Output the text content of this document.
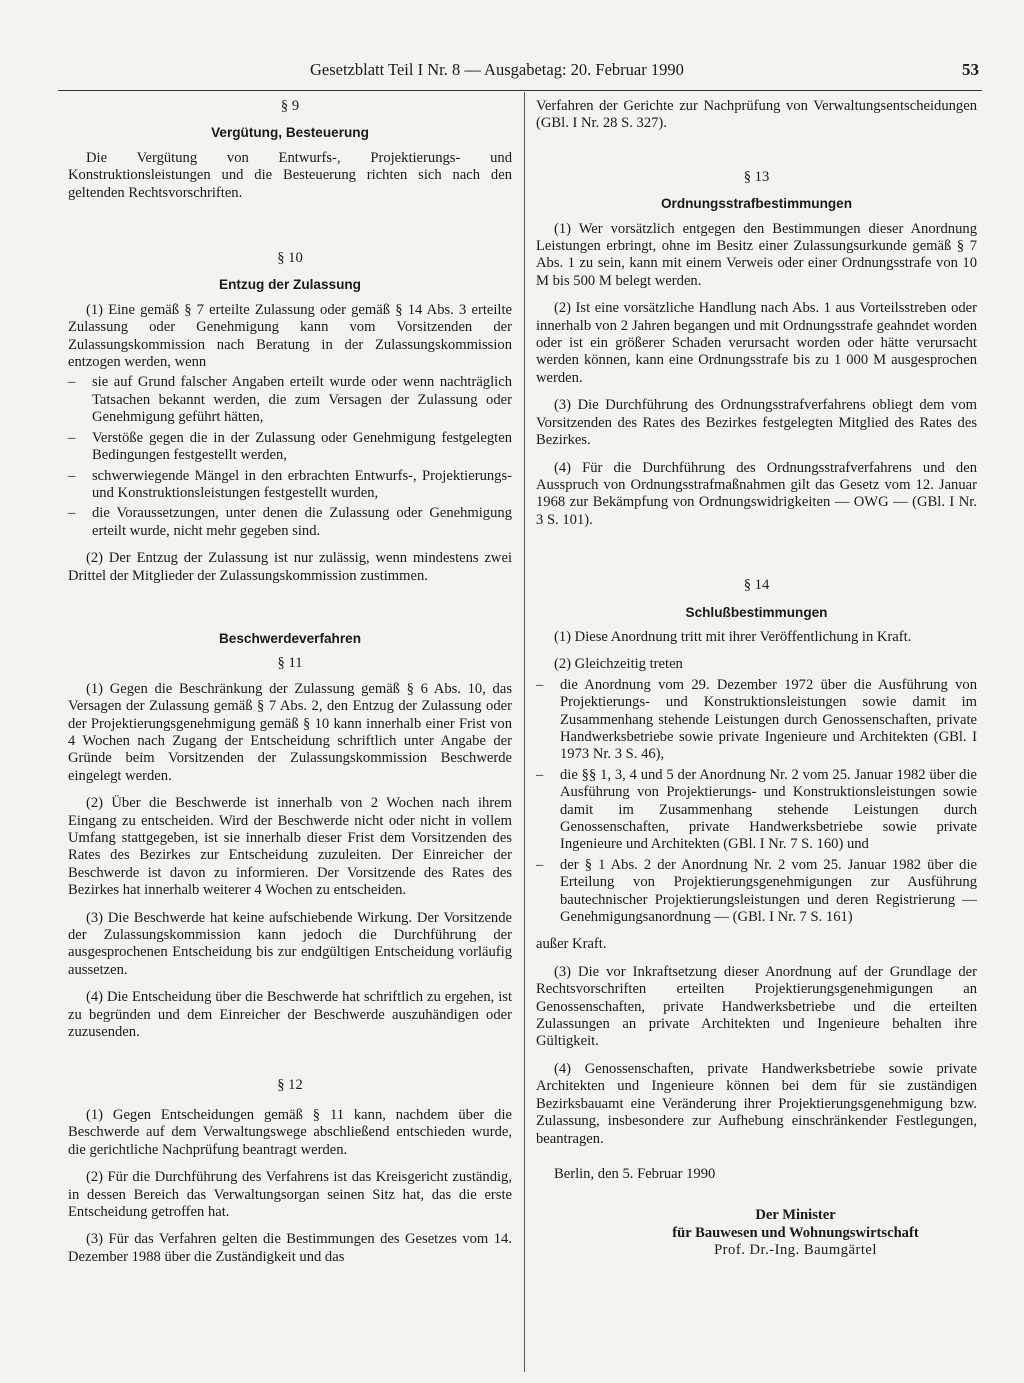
Gesetzblatt Teil I Nr. 8 — Ausgabetag: 20. Februar 1990	53

§ 9

Vergütung, Besteuerung

Die Vergütung von Entwurfs-, Projektierungs- und Konstruktionsleistungen und die Besteuerung richten sich nach den geltenden Rechtsvorschriften.

§ 10

Entzug der Zulassung

(1) Eine gemäß § 7 erteilte Zulassung oder gemäß § 14 Abs. 3 erteilte Zulassung oder Genehmigung kann vom Vorsitzenden der Zulassungskommission nach Beratung in der Zulassungskommission entzogen werden, wenn

– sie auf Grund falscher Angaben erteilt wurde oder wenn nachträglich Tatsachen bekannt werden, die zum Versagen der Zulassung oder Genehmigung geführt hätten,
– Verstöße gegen die in der Zulassung oder Genehmigung festgelegten Bedingungen festgestellt werden,
– schwerwiegende Mängel in den erbrachten Entwurfs-, Projektierungs- und Konstruktionsleistungen festgestellt wurden,
– die Voraussetzungen, unter denen die Zulassung oder Genehmigung erteilt wurde, nicht mehr gegeben sind.

(2) Der Entzug der Zulassung ist nur zulässig, wenn mindestens zwei Drittel der Mitglieder der Zulassungskommission zustimmen.

Beschwerdeverfahren

§ 11

(1) Gegen die Beschränkung der Zulassung gemäß § 6 Abs. 10, das Versagen der Zulassung gemäß § 7 Abs. 2, den Entzug der Zulassung oder der Projektierungsgenehmigung gemäß § 10 kann innerhalb einer Frist von 4 Wochen nach Zugang der Entscheidung schriftlich unter Angabe der Gründe beim Vorsitzenden der Zulassungskommission Beschwerde eingelegt werden.

(2) Über die Beschwerde ist innerhalb von 2 Wochen nach ihrem Eingang zu entscheiden. Wird der Beschwerde nicht oder nicht in vollem Umfang stattgegeben, ist sie innerhalb dieser Frist dem Vorsitzenden des Rates des Bezirkes zur Entscheidung zuzuleiten. Der Einreicher der Beschwerde ist davon zu informieren. Der Vorsitzende des Rates des Bezirkes hat innerhalb weiterer 4 Wochen zu entscheiden.

(3) Die Beschwerde hat keine aufschiebende Wirkung. Der Vorsitzende der Zulassungskommission kann jedoch die Durchführung der ausgesprochenen Entscheidung bis zur endgültigen Entscheidung vorläufig aussetzen.

(4) Die Entscheidung über die Beschwerde hat schriftlich zu ergehen, ist zu begründen und dem Einreicher der Beschwerde auszuhändigen oder zuzusenden.

§ 12

(1) Gegen Entscheidungen gemäß § 11 kann, nachdem über die Beschwerde auf dem Verwaltungswege abschließend entschieden wurde, die gerichtliche Nachprüfung beantragt werden.

(2) Für die Durchführung des Verfahrens ist das Kreisgericht zuständig, in dessen Bereich das Verwaltungsorgan seinen Sitz hat, das die erste Entscheidung getroffen hat.

(3) Für das Verfahren gelten die Bestimmungen des Gesetzes vom 14. Dezember 1988 über die Zuständigkeit und das

Verfahren der Gerichte zur Nachprüfung von Verwaltungsentscheidungen (GBl. I Nr. 28 S. 327).

§ 13

Ordnungsstrafbestimmungen

(1) Wer vorsätzlich entgegen den Bestimmungen dieser Anordnung Leistungen erbringt, ohne im Besitz einer Zulassungsurkunde gemäß § 7 Abs. 1 zu sein, kann mit einem Verweis oder einer Ordnungsstrafe von 10 M bis 500 M belegt werden.

(2) Ist eine vorsätzliche Handlung nach Abs. 1 aus Vorteilsstreben oder innerhalb von 2 Jahren begangen und mit Ordnungsstrafe geahndet worden oder ist ein größerer Schaden verursacht worden oder hätte verursacht werden können, kann eine Ordnungsstrafe bis zu 1 000 M ausgesprochen werden.

(3) Die Durchführung des Ordnungsstrafverfahrens obliegt dem vom Vorsitzenden des Rates des Bezirkes festgelegten Mitglied des Rates des Bezirkes.

(4) Für die Durchführung des Ordnungsstrafverfahrens und den Ausspruch von Ordnungsstrafmaßnahmen gilt das Gesetz vom 12. Januar 1968 zur Bekämpfung von Ordnungswidrigkeiten — OWG — (GBl. I Nr. 3 S. 101).

§ 14

Schlußbestimmungen

(1) Diese Anordnung tritt mit ihrer Veröffentlichung in Kraft.

(2) Gleichzeitig treten

– die Anordnung vom 29. Dezember 1972 über die Ausführung von Projektierungs- und Konstruktionsleistungen sowie damit im Zusammenhang stehende Leistungen durch Genossenschaften, private Handwerksbetriebe sowie private Ingenieure und Architekten (GBl. I 1973 Nr. 3 S. 46),
– die §§ 1, 3, 4 und 5 der Anordnung Nr. 2 vom 25. Januar 1982 über die Ausführung von Projektierungs- und Konstruktionsleistungen sowie damit im Zusammenhang stehende Leistungen durch Genossenschaften, private Handwerksbetriebe sowie private Ingenieure und Architekten (GBl. I Nr. 7 S. 160) und
– der § 1 Abs. 2 der Anordnung Nr. 2 vom 25. Januar 1982 über die Erteilung von Projektierungsgenehmigungen zur Ausführung bautechnischer Projektierungsleistungen und deren Registrierung — Genehmigungsanordnung — (GBl. I Nr. 7 S. 161)

außer Kraft.

(3) Die vor Inkraftsetzung dieser Anordnung auf der Grundlage der Rechtsvorschriften erteilten Projektierungsgenehmigungen an Genossenschaften, private Handwerksbetriebe und die erteilten Zulassungen an private Architekten und Ingenieure behalten ihre Gültigkeit.

(4) Genossenschaften, private Handwerksbetriebe sowie private Architekten und Ingenieure können bei dem für sie zuständigen Bezirksbauamt eine Veränderung ihrer Projektierungsgenehmigung bzw. Zulassung, insbesondere zur Aufhebung einschränkender Festlegungen, beantragen.

Berlin, den 5. Februar 1990

Der Minister

für Bauwesen und Wohnungswirtschaft

Prof. Dr.-Ing. Baumgärtel
